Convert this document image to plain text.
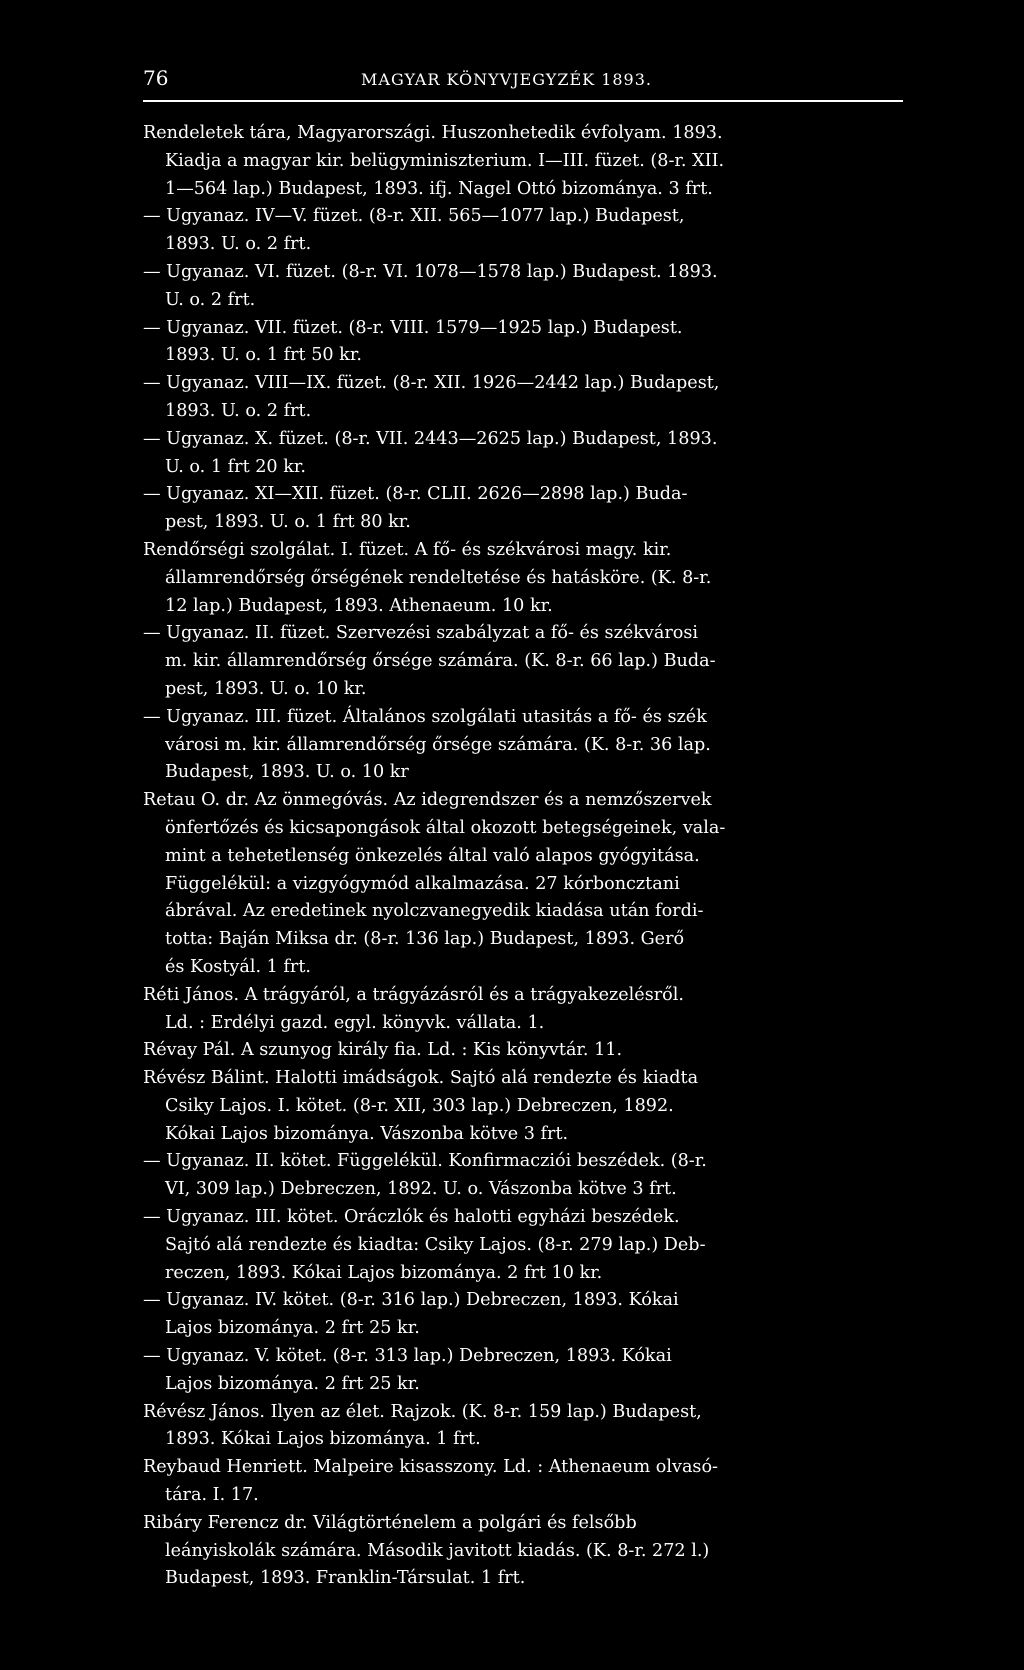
76	MAGYAR KÖNYVJEGYZÉK 1893.
Rendeletek tára, Magyarországi. Huszonhetedik évfolyam. 1893.
Kiadja a magyar kir. belügyminiszterium. I—III. füzet. (8-r. XII.
1—564 lap.) Budapest, 1893. ifj. Nagel Ottó bizománya. 3 frt.
— Ugyanaz. IV—V. füzet. (8-r. XII. 565—1077 lap.) Budapest,
1893. U. o. 2 frt.
— Ugyanaz. VI. füzet. (8-r. VI. 1078—1578 lap.) Budapest. 1893.
U. o. 2 frt.
— Ugyanaz. VII. füzet. (8-r. VIII. 1579—1925 lap.) Budapest.
1893. U. o. 1 frt 50 kr.
— Ugyanaz. VIII—IX. füzet. (8-r. XII. 1926—2442 lap.) Budapest,
1893. U. o. 2 frt.
— Ugyanaz. X. füzet. (8-r. VII. 2443—2625 lap.) Budapest, 1893.
U. o. 1 frt 20 kr.
— Ugyanaz. XI—XII. füzet. (8-r. CLII. 2626—2898 lap.) Buda-
pest, 1893. U. o. 1 frt 80 kr.
Rendőrségi szolgálat. I. füzet. A fő- és székvárosi magy. kir.
államrendőrség őrségének rendeltetése és hatásköre. (K. 8-r.
12 lap.) Budapest, 1893. Athenaeum. 10 kr.
— Ugyanaz. II. füzet. Szervezési szabályzat a fő- és székvárosi
m. kir. államrendőrség őrsége számára. (K. 8-r. 66 lap.) Buda-
pest, 1893. U. o. 10 kr.
— Ugyanaz. III. füzet. Általános szolgálati utasitás a fő- és szék
városi m. kir. államrendőrség őrsége számára. (K. 8-r. 36 lap.
Budapest, 1893. U. o. 10 kr
Retau O. dr. Az önmegóvás. Az idegrendszer és a nemzőszervek
önfertőzés és kicsapongások által okozott betegségeinek, vala-
mint a tehetetlenség önkezelés által való alapos gyógyitása.
Függelékül: a vizgyógymód alkalmazása. 27 kórboncztani
ábrával. Az eredetinek nyolczvanegyedik kiadása után fordi-
totta: Baján Miksa dr. (8-r. 136 lap.) Budapest, 1893. Gerő
és Kostyál. 1 frt.
Réti János. A trágyáról, a trágyázásról és a trágyakezelésről.
Ld. : Erdélyi gazd. egyl. könyvk. vállata. 1.
Révay Pál. A szunyog király fia. Ld. : Kis könyvtár. 11.
Révész Bálint. Halotti imádságok. Sajtó alá rendezte és kiadta
Csiky Lajos. I. kötet. (8-r. XII, 303 lap.) Debreczen, 1892.
Kókai Lajos bizománya. Vászonba kötve 3 frt.
— Ugyanaz. II. kötet. Függelékül. Konfirmacziói beszédek. (8-r.
VI, 309 lap.) Debreczen, 1892. U. o. Vászonba kötve 3 frt.
— Ugyanaz. III. kötet. Oráczlók és halotti egyházi beszédek.
Sajtó alá rendezte és kiadta: Csiky Lajos. (8-r. 279 lap.) Deb-
reczen, 1893. Kókai Lajos bizománya. 2 frt 10 kr.
— Ugyanaz. IV. kötet. (8-r. 316 lap.) Debreczen, 1893. Kókai
Lajos bizománya. 2 frt 25 kr.
— Ugyanaz. V. kötet. (8-r. 313 lap.) Debreczen, 1893. Kókai
Lajos bizománya. 2 frt 25 kr.
Révész János. Ilyen az élet. Rajzok. (K. 8-r. 159 lap.) Budapest,
1893. Kókai Lajos bizománya. 1 frt.
Reybaud Henriett. Malpeire kisasszony. Ld. : Athenaeum olvasó-
tára. I. 17.
Ribáry Ferencz dr. Világtörténelem a polgári és felsőbb
leányiskolák számára. Második javitott kiadás. (K. 8-r. 272 l.)
Budapest, 1893. Franklin-Társulat. 1 frt.
